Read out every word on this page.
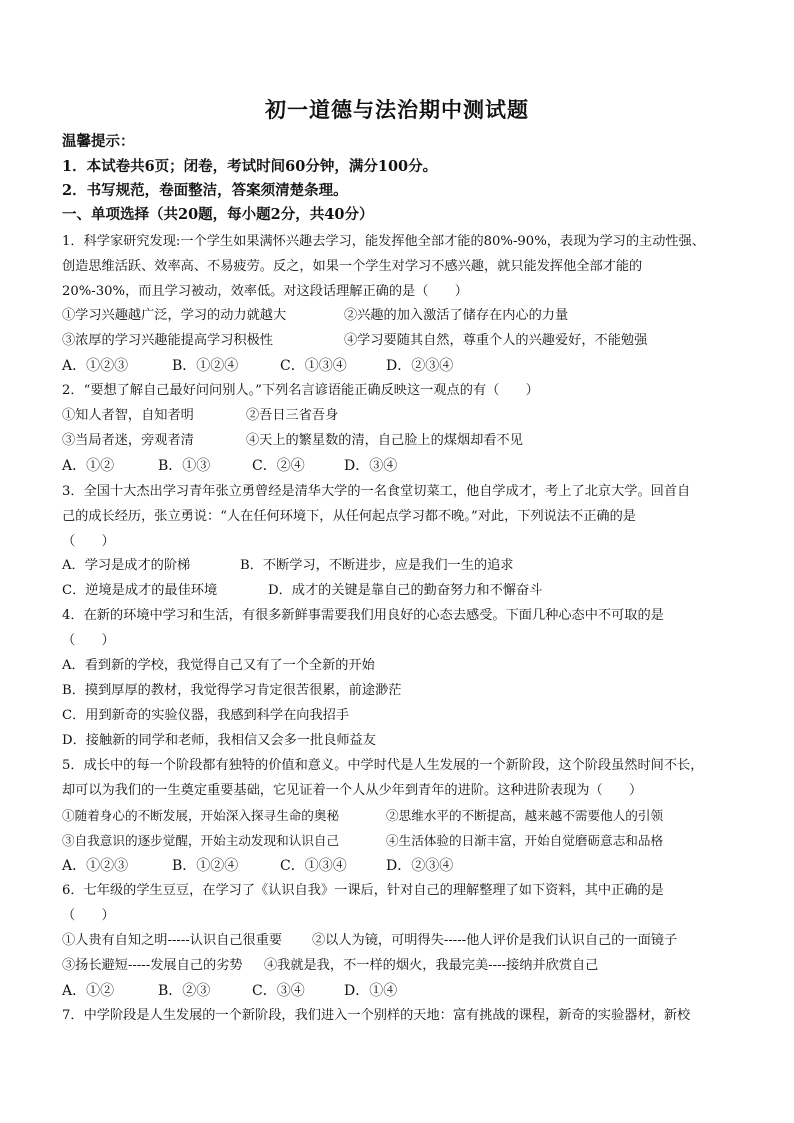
初一道德与法治期中测试题
温馨提示：
1．本试卷共6页；闭卷，考试时间60分钟，满分100分。
2．书写规范，卷面整洁，答案须清楚条理。
一、单项选择（共20题，每小题2分，共40分）
1．科学家研究发现:一个学生如果满怀兴趣去学习，能发挥他全部才能的80%-90%，表现为学习的主动性强、
创造思维活跃、效率高、不易疲劳。反之，如果一个学生对学习不感兴趣，就只能发挥他全部才能的
20%-30%，而且学习被动，效率低。对这段话理解正确的是（　　）
①学习兴趣越广泛，学习的动力就越大	②兴趣的加入激活了储存在内心的力量
③浓厚的学习兴趣能提高学习积极性	④学习要随其自然，尊重个人的兴趣爱好，不能勉强
A．①②③	B．①②④	C．①③④	D．②③④
2．“要想了解自己最好问问别人。”下列名言谚语能正确反映这一观点的有（　　）
①知人者智，自知者明	②吾日三省吾身
③当局者迷，旁观者清	④天上的繁星数的清，自己脸上的煤烟却看不见
A．①②	B．①③	C．②④	D．③④
3．全国十大杰出学习青年张立勇曾经是清华大学的一名食堂切菜工，他自学成才，考上了北京大学。回首自
己的成长经历，张立勇说：“人在任何环境下，从任何起点学习都不晚。”对此，下列说法不正确的是
（　　）
A．学习是成才的阶梯	B．不断学习，不断进步，应是我们一生的追求
C．逆境是成才的最佳环境	D．成才的关键是靠自己的勤奋努力和不懈奋斗
4．在新的环境中学习和生活，有很多新鲜事需要我们用良好的心态去感受。下面几种心态中不可取的是
（　　）
A．看到新的学校，我觉得自己又有了一个全新的开始
B．摸到厚厚的教材，我觉得学习肯定很苦很累，前途渺茫
C．用到新奇的实验仪器，我感到科学在向我招手
D．接触新的同学和老师，我相信又会多一批良师益友
5．成长中的每一个阶段都有独特的价值和意义。中学时代是人生发展的一个新阶段，这个阶段虽然时间不长，
却可以为我们的一生奠定重要基础，它见证着一个人从少年到青年的进阶。这种进阶表现为（　　）
①随着身心的不断发展，开始深入探寻生命的奥秘	②思维水平的不断提高，越来越不需要他人的引领
③自我意识的逐步觉醒，开始主动发现和认识自己	④生活体验的日渐丰富，开始自觉磨砺意志和品格
A．①②③	B．①②④	C．①③④	D．②③④
6．七年级的学生豆豆，在学习了《认识自我》一课后，针对自己的理解整理了如下资料，其中正确的是
（　　）
①人贵有自知之明-----认识自己很重要 ②以人为镜，可明得失-----他人评价是我们认识自己的一面镜子
③扬长避短-----发展自己的劣势 ④我就是我，不一样的烟火，我最完美----接纳并欣赏自己
A．①②	B．②③	C．③④	D．①④
7．中学阶段是人生发展的一个新阶段，我们进入一个别样的天地：富有挑战的课程，新奇的实验器材，新校
